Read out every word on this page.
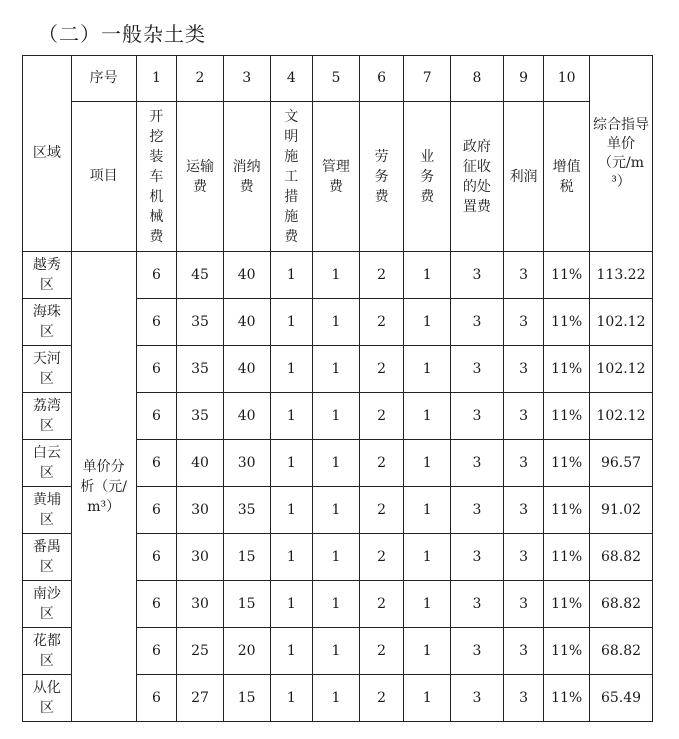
（二）一般杂土类
区域	序号	1	2	3	4	5	6	7	8	9	10	综合指导单价（元/m³）

	项目	开挖装车机械费	运输费	消纳费	文明施工措施费	管理费	劳务费	业务费	政府征收的处置费	利润	增值税	

越秀区	单价分析（元/m³）	6	45	40	1	1	2	1	3	3	11%	113.22

海珠区		6	35	40	1	1	2	1	3	3	11%	102.12

天河区		6	35	40	1	1	2	1	3	3	11%	102.12

荔湾区		6	35	40	1	1	2	1	3	3	11%	102.12

白云区		6	40	30	1	1	2	1	3	3	11%	96.57

黄埔区		6	30	35	1	1	2	1	3	3	11%	91.02

番禺区		6	30	15	1	1	2	1	3	3	11%	68.82

南沙区		6	30	15	1	1	2	1	3	3	11%	68.82

花都区		6	25	20	1	1	2	1	3	3	11%	68.82

从化区		6	27	15	1	1	2	1	3	3	11%	65.49
